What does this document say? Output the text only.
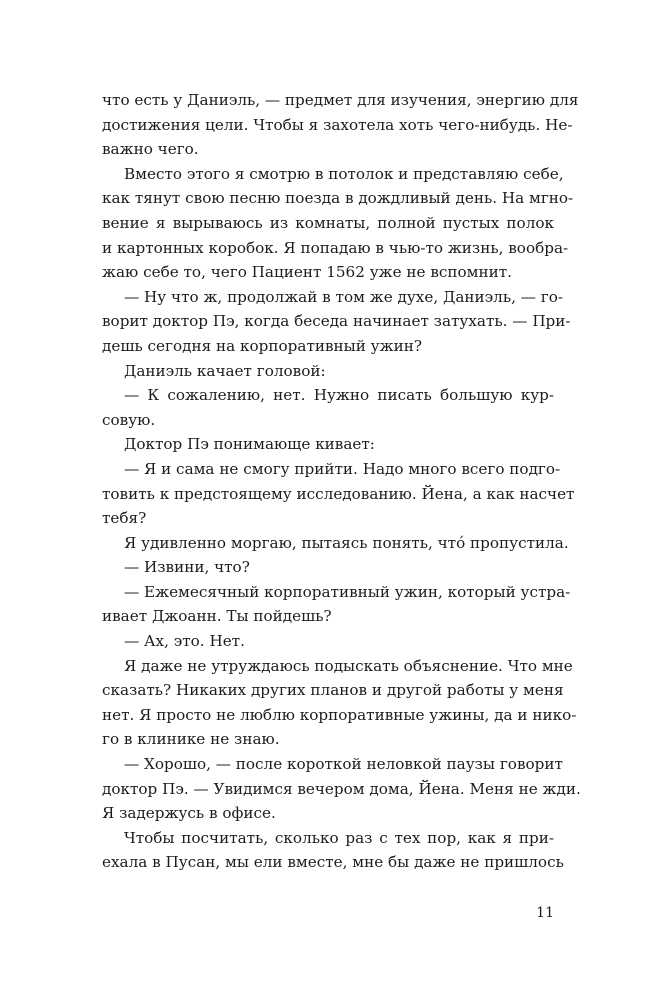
что есть у Даниэль, — предмет для изучения, энергию для
достижения цели. Чтобы я захотела хоть чего-нибудь. Не-
важно чего.

Вместо этого я смотрю в потолок и представляю себе,
как тянут свою песню поезда в дождливый день. На мгно-
вение я вырываюсь из комнаты, полной пустых полок
и картонных коробок. Я попадаю в чью-то жизнь, вообра-
жаю себе то, чего Пациент 1562 уже не вспомнит.

— Ну что ж, продолжай в том же духе, Даниэль, — го-
ворит доктор Пэ, когда беседа начинает затухать. — При-
дешь сегодня на корпоративный ужин?

Даниэль качает головой:

— К сожалению, нет. Нужно писать большую кур-
совую.

Доктор Пэ понимающе кивает:

— Я и сама не смогу прийти. Надо много всего подго-
товить к предстоящему исследованию. Йена, а как насчет
тебя?

Я удивленно моргаю, пытаясь понять, чтó пропустила.

— Извини, что?

— Ежемесячный корпоративный ужин, который устра-
ивает Джоанн. Ты пойдешь?

— Ах, это. Нет.

Я даже не утруждаюсь подыскать объяснение. Что мне
сказать? Никаких других планов и другой работы у меня
нет. Я просто не люблю корпоративные ужины, да и нико-
го в клинике не знаю.

— Хорошо, — после короткой неловкой паузы говорит
доктор Пэ. — Увидимся вечером дома, Йена. Меня не жди.
Я задержусь в офисе.

Чтобы посчитать, сколько раз с тех пор, как я при-
ехала в Пусан, мы ели вместе, мне бы даже не пришлось

11
